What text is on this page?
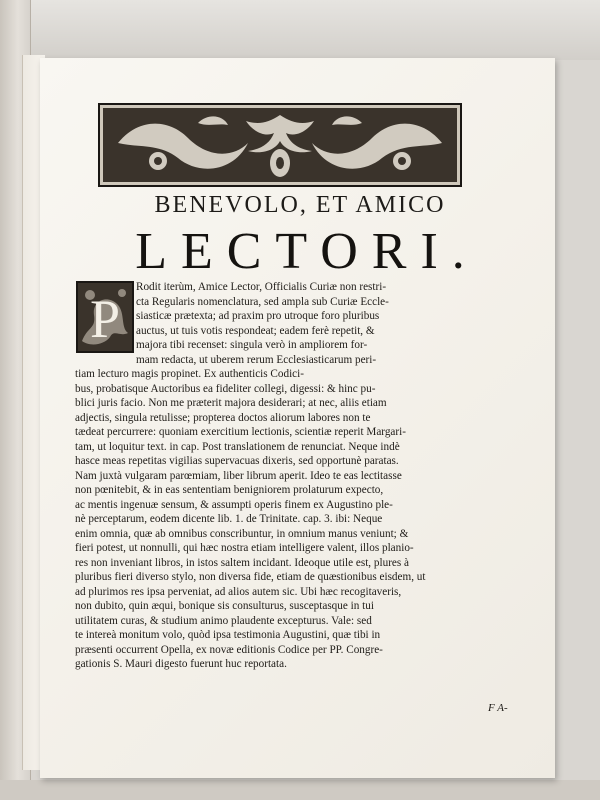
BENEVOLO, ET AMICO
LECTORI.
P
Rodit iterùm, Amice Lector, Officialis Curiæ non restri-
cta Regularis nomenclatura, sed ampla sub Curiæ Eccle-
siasticæ prætexta; ad praxim pro utroque foro pluribus
auctus, ut tuis votis respondeat; eadem ferè repetit, &
majora tibi recenset: singula verò in ampliorem for-
mam redacta, ut uberem rerum Ecclesiasticarum peri-
tiam lecturo magis propinet. Ex authenticis Codici-
bus, probatisque Auctoribus ea fideliter collegi, digessi: & hinc pu-
blici juris facio. Non me præterit majora desiderari; at nec, aliis etiam
adjectis, singula retulisse; propterea doctos aliorum labores non te
tædeat percurrere: quoniam exercitium lectionis, scientiæ reperit Margari-
tam, ut loquitur text. in cap. Post translationem de renunciat. Neque indè
hasce meas repetitas vigilias supervacuas dixeris, sed opportunè paratas.
Nam juxtà vulgaram parœmiam, liber librum aperit. Ideo te eas lectitasse
non pœnitebit, & in eas sententiam benigniorem prolaturum expecto,
ac mentis ingenuæ sensum, & assumpti operis finem ex Augustino ple-
nè perceptarum, eodem dicente lib. 1. de Trinitate. cap. 3. ibi: Neque
enim omnia, quæ ab omnibus conscribuntur, in omnium manus veniunt; &
fieri potest, ut nonnulli, qui hæc nostra etiam intelligere valent, illos planio-
res non inveniant libros, in istos saltem incidant. Ideoque utile est, plures à
pluribus fieri diverso stylo, non diversa fide, etiam de quæstionibus eisdem, ut
ad plurimos res ipsa perveniat, ad alios autem sic. Ubi hæc recogitaveris,
non dubito, quin æqui, bonique sis consulturus, susceptasque in tui
utilitatem curas, & studium animo plaudente excepturus. Vale: sed
te intereà monitum volo, quòd ipsa testimonia Augustini, quæ tibi in
præsenti occurrent Opella, ex novæ editionis Codice per PP. Congre-
gationis S. Mauri digesto fuerunt huc reportata.
F A-
